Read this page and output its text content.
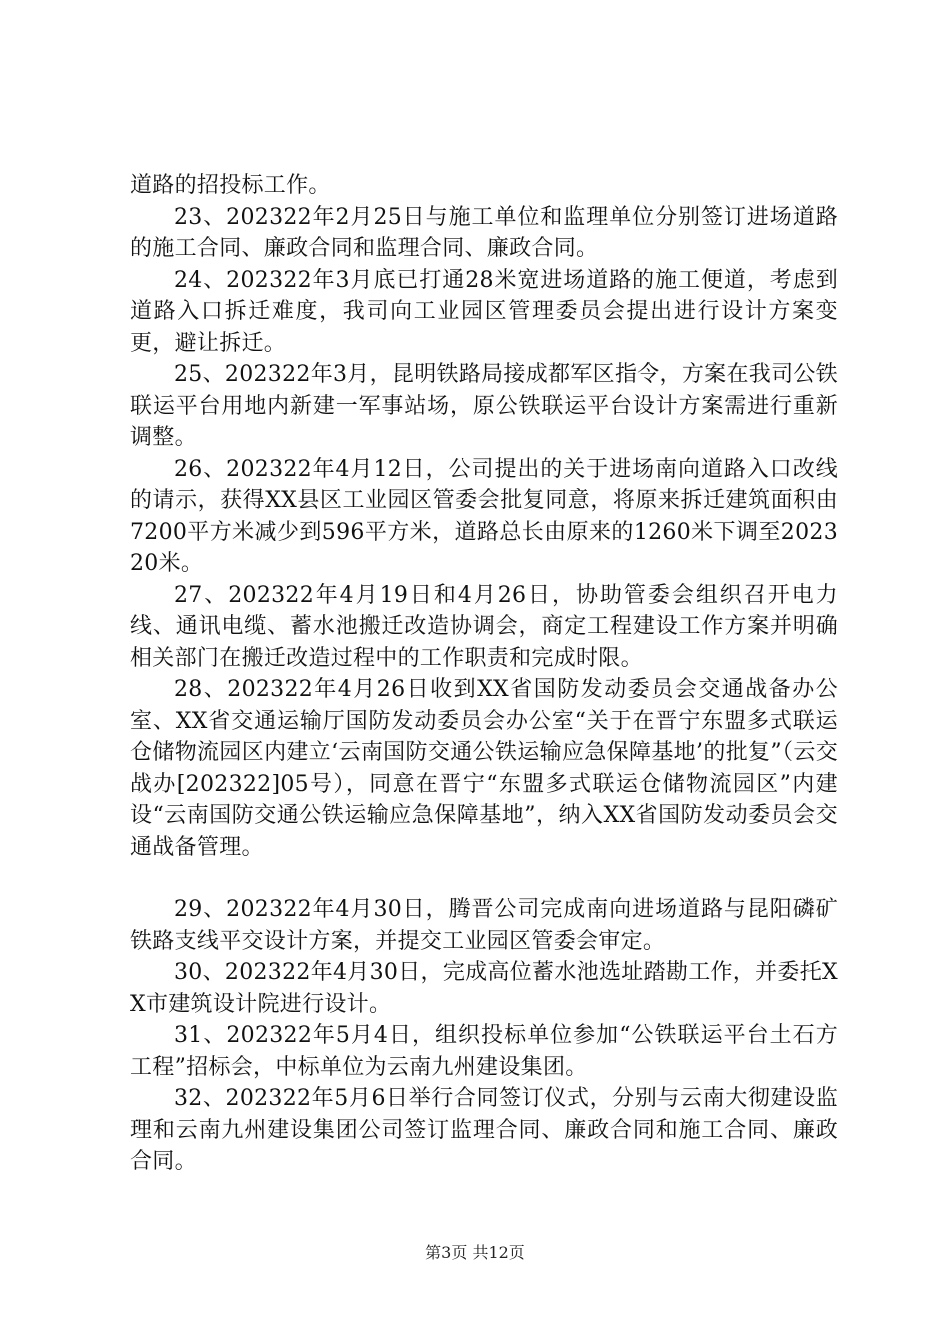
道路的招投标工作。

23、202322年2月25日与施工单位和监理单位分别签订进场道路的施工合同、廉政合同和监理合同、廉政合同。

24、202322年3月底已打通28米宽进场道路的施工便道，考虑到道路入口拆迁难度，我司向工业园区管理委员会提出进行设计方案变更，避让拆迁。

25、202322年3月，昆明铁路局接成都军区指令，方案在我司公铁联运平台用地内新建一军事站场，原公铁联运平台设计方案需进行重新调整。

26、202322年4月12日，公司提出的关于进场南向道路入口改线的请示，获得XX县区工业园区管委会批复同意，将原来拆迁建筑面积由7200平方米减少到596平方米，道路总长由原来的1260米下调至202320米。

27、202322年4月19日和4月26日，协助管委会组织召开电力线、通讯电缆、蓄水池搬迁改造协调会，商定工程建设工作方案并明确相关部门在搬迁改造过程中的工作职责和完成时限。

28、202322年4月26日收到XX省国防发动委员会交通战备办公室、XX省交通运输厅国防发动委员会办公室“关于在晋宁东盟多式联运仓储物流园区内建立‘云南国防交通公铁运输应急保障基地’的批复”（云交战办[202322]05号），同意在晋宁“东盟多式联运仓储物流园区”内建设“云南国防交通公铁运输应急保障基地”，纳入XX省国防发动委员会交通战备管理。

29、202322年4月30日，腾晋公司完成南向进场道路与昆阳磷矿铁路支线平交设计方案，并提交工业园区管委会审定。

30、202322年4月30日，完成高位蓄水池选址踏勘工作，并委托XX市建筑设计院进行设计。

31、202322年5月4日，组织投标单位参加“公铁联运平台土石方工程”招标会，中标单位为云南九州建设集团。

32、202322年5月6日举行合同签订仪式，分别与云南大彻建设监理和云南九州建设集团公司签订监理合同、廉政合同和施工合同、廉政合同。

第3页 共12页
